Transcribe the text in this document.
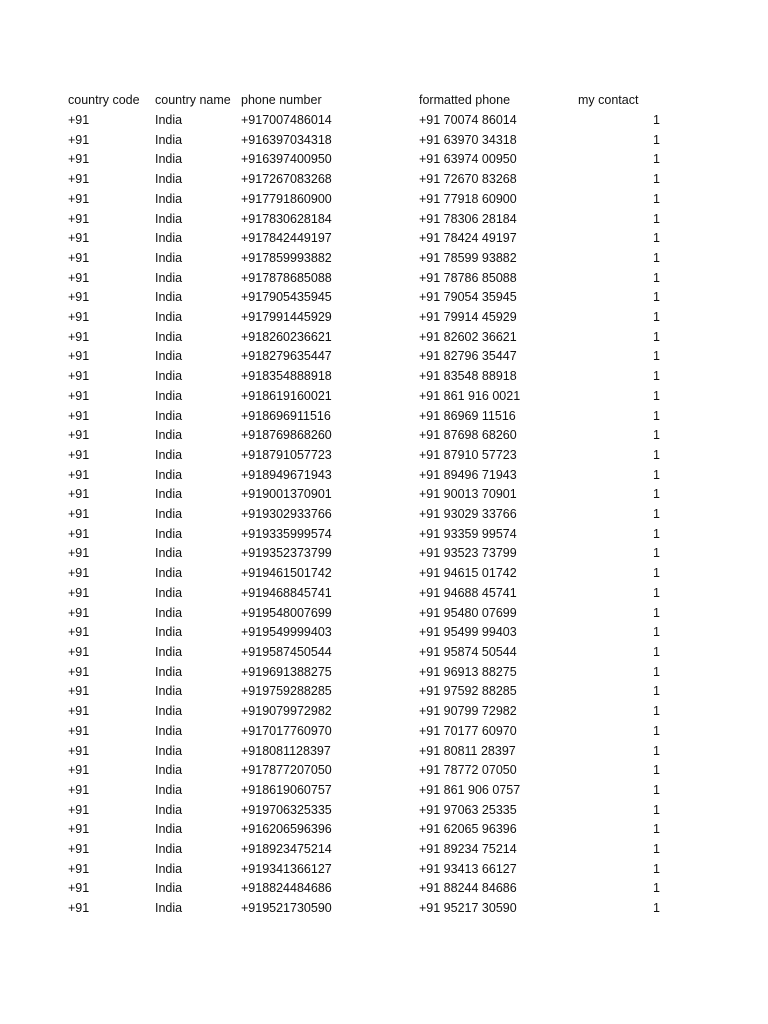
country code	country name	phone number	formatted phone	my contact
+91	India	+917007486014	+91 70074 86014	1
+91	India	+916397034318	+91 63970 34318	1
+91	India	+916397400950	+91 63974 00950	1
+91	India	+917267083268	+91 72670 83268	1
+91	India	+917791860900	+91 77918 60900	1
+91	India	+917830628184	+91 78306 28184	1
+91	India	+917842449197	+91 78424 49197	1
+91	India	+917859993882	+91 78599 93882	1
+91	India	+917878685088	+91 78786 85088	1
+91	India	+917905435945	+91 79054 35945	1
+91	India	+917991445929	+91 79914 45929	1
+91	India	+918260236621	+91 82602 36621	1
+91	India	+918279635447	+91 82796 35447	1
+91	India	+918354888918	+91 83548 88918	1
+91	India	+918619160021	+91 861 916 0021	1
+91	India	+918696911516	+91 86969 11516	1
+91	India	+918769868260	+91 87698 68260	1
+91	India	+918791057723	+91 87910 57723	1
+91	India	+918949671943	+91 89496 71943	1
+91	India	+919001370901	+91 90013 70901	1
+91	India	+919302933766	+91 93029 33766	1
+91	India	+919335999574	+91 93359 99574	1
+91	India	+919352373799	+91 93523 73799	1
+91	India	+919461501742	+91 94615 01742	1
+91	India	+919468845741	+91 94688 45741	1
+91	India	+919548007699	+91 95480 07699	1
+91	India	+919549999403	+91 95499 99403	1
+91	India	+919587450544	+91 95874 50544	1
+91	India	+919691388275	+91 96913 88275	1
+91	India	+919759288285	+91 97592 88285	1
+91	India	+919079972982	+91 90799 72982	1
+91	India	+917017760970	+91 70177 60970	1
+91	India	+918081128397	+91 80811 28397	1
+91	India	+917877207050	+91 78772 07050	1
+91	India	+918619060757	+91 861 906 0757	1
+91	India	+919706325335	+91 97063 25335	1
+91	India	+916206596396	+91 62065 96396	1
+91	India	+918923475214	+91 89234 75214	1
+91	India	+919341366127	+91 93413 66127	1
+91	India	+918824484686	+91 88244 84686	1
+91	India	+919521730590	+91 95217 30590	1
